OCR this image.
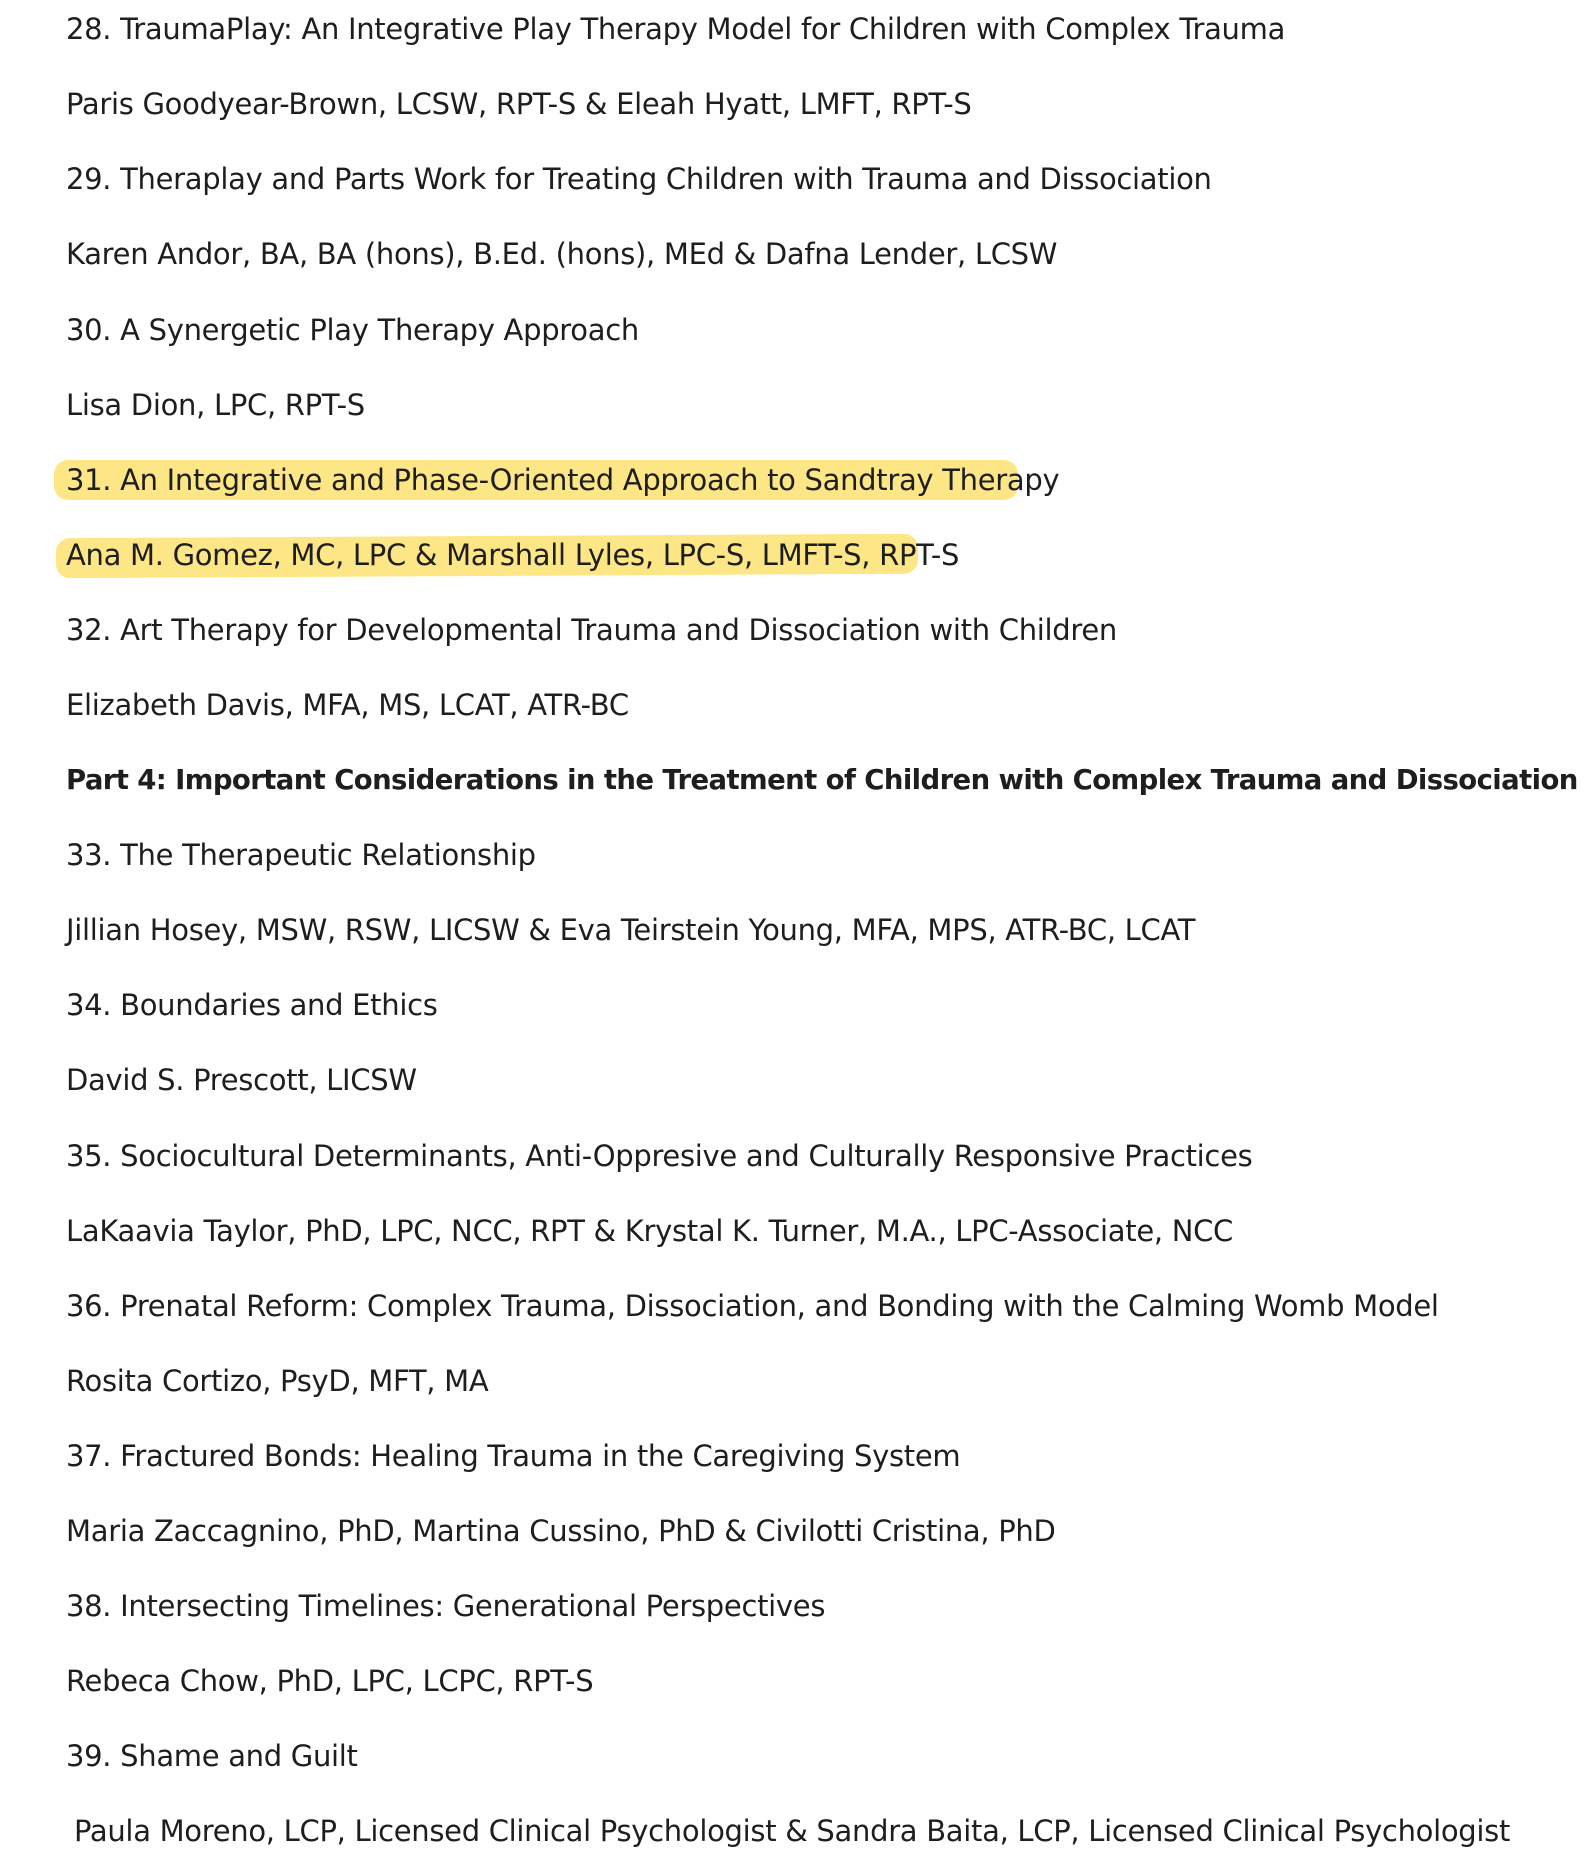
28. TraumaPlay: An Integrative Play Therapy Model for Children with Complex Trauma
Paris Goodyear-Brown, LCSW, RPT-S & Eleah Hyatt, LMFT, RPT-S
29. Theraplay and Parts Work for Treating Children with Trauma and Dissociation
Karen Andor, BA, BA (hons), B.Ed. (hons), MEd & Dafna Lender, LCSW
30. A Synergetic Play Therapy Approach
Lisa Dion, LPC, RPT-S
31. An Integrative and Phase-Oriented Approach to Sandtray Therapy
Ana M. Gomez, MC, LPC & Marshall Lyles, LPC-S, LMFT-S, RPT-S
32. Art Therapy for Developmental Trauma and Dissociation with Children
Elizabeth Davis, MFA, MS, LCAT, ATR-BC
Part 4: Important Considerations in the Treatment of Children with Complex Trauma and Dissociation
33. The Therapeutic Relationship
Jillian Hosey, MSW, RSW, LICSW & Eva Teirstein Young, MFA, MPS, ATR-BC, LCAT
34. Boundaries and Ethics
David S. Prescott, LICSW
35. Sociocultural Determinants, Anti-Oppresive and Culturally Responsive Practices
LaKaavia Taylor, PhD, LPC, NCC, RPT & Krystal K. Turner, M.A., LPC-Associate, NCC
36. Prenatal Reform: Complex Trauma, Dissociation, and Bonding with the Calming Womb Model
Rosita Cortizo, PsyD, MFT, MA
37. Fractured Bonds: Healing Trauma in the Caregiving System
Maria Zaccagnino, PhD, Martina Cussino, PhD & Civilotti Cristina, PhD
38. Intersecting Timelines: Generational Perspectives
Rebeca Chow, PhD, LPC, LCPC, RPT-S
39. Shame and Guilt
Paula Moreno, LCP, Licensed Clinical Psychologist & Sandra Baita, LCP, Licensed Clinical Psychologist
